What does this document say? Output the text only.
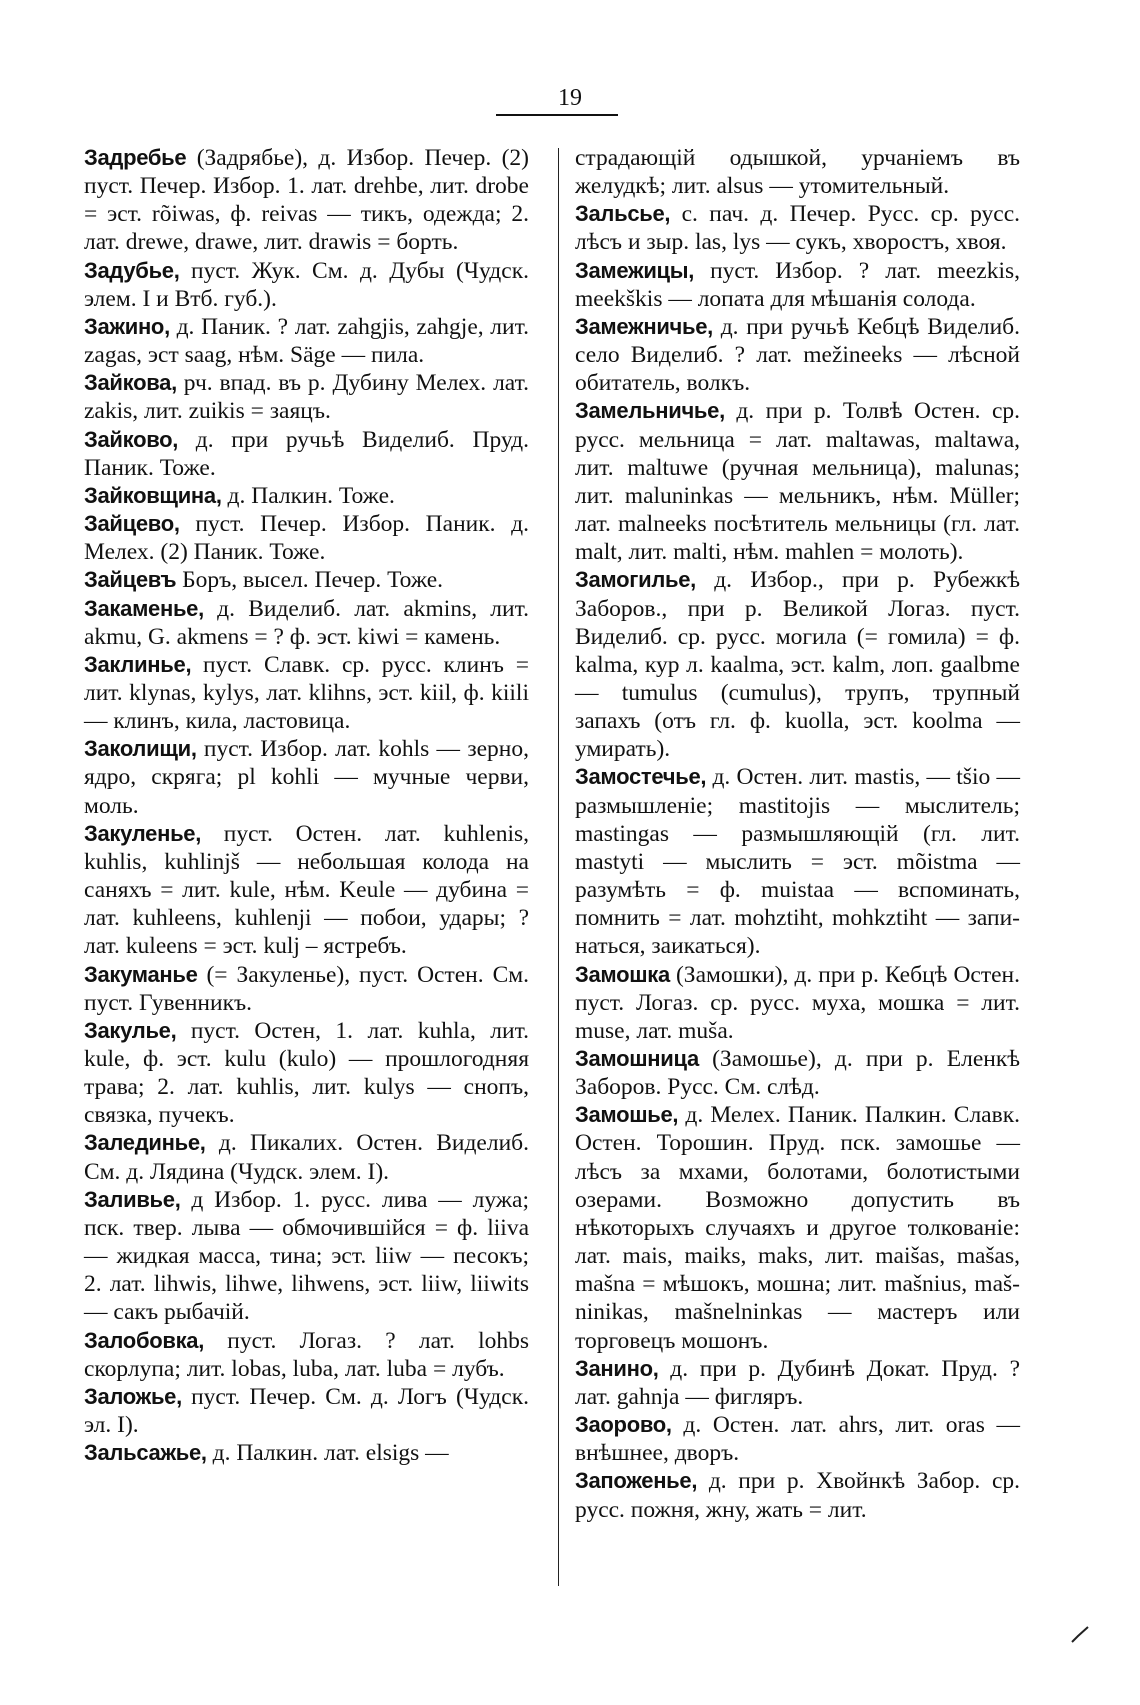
19

Задребье (Задрябье), д. Избор. Печер. (2) пуст. Печер. Избор. 1. лат. drehbe, лит. drobe = эст. rõiwas, ф. reivas — тикъ, одежда; 2. лат. drewe, drawe, лит. drawis = борть.

Задубье, пуст. Жук. См. д. Дубы (Чудск. элем. I и Втб. губ.).

Зажино, д. Паник. ? лат. zahgjis, zahgje, лит. zagas, эст saag, нѣм. Säge — пила.

Зайкова, рч. впад. въ р. Дубину Мелех. лат. zakis, лит. zuikis = заяцъ.

Зайково, д. при ручьѣ Виделиб. Пруд. Паник. Тоже.

Зайковщина, д. Палкин. Тоже.

Зайцево, пуст. Печер. Избор. Паник. д. Мелех. (2) Паник. Тоже.

Зайцевъ Боръ, высел. Печер. Тоже.

Закаменье, д. Виделиб. лат. akmins, лит. akmu, G. akmens = ? ф. эст. kiwi = камень.

Заклинье, пуст. Славк. ср. русс. клинъ = лит. klynas, kylys, лат. klihns, эст. kiil, ф. kiili — клинъ, кила, ластовица.

Заколищи, пуст. Избор. лат. kohls — зерно, ядро, скряга; pl kohli — мучные черви, моль.

Закуленье, пуст. Остен. лат. kuhlenis, kuhlis, kuhlinjš — небольшая колода на саняхъ = лит. kule, нѣм. Keule — дубина = лат. kuhleens, kuhlenji — побои, удары; ? лат. kuleens = эст. kulj – ястребъ.

Закуманье (= Закуленье), пуст. Остен. См. пуст. Гувенникъ.

Закулье, пуст. Остен, 1. лат. kuhla, лит. kule, ф. эст. kulu (kulo) — прошлогодняя трава; 2. лат. kuhlis, лит. kulys — снопъ, связка, пучекъ.

Залединье, д. Пикалих. Остен. Виделиб. См. д. Лядина (Чудск. элем. I).

Заливье, д Избор. 1. русс. лива — лужа; пск. твер. лыва — обмочившійся = ф. liiva — жидкая масса, тина; эст. liiw — песокъ; 2. лат. lihwis, lihwe, lihwens, эст. liiw, liiwits — сакъ рыбачій.

Залобовка, пуст. Логаз. ? лат. lohbs скорлупа; лит. lobas, luba, лат. luba = лубъ.

Заложье, пуст. Печер. См. д. Логъ (Чудск. эл. I).

Зальсажье, д. Палкин. лат. elsigs —

страдающій одышкой, урчаніемъ въ желудкѣ; лит. alsus — утомительный.

Зальсье, с. пач. д. Печер. Русс. ср. русс. лѣсъ и зыр. las, lys — сукъ, хворостъ, хвоя.

Замежицы, пуст. Избор. ? лат. meezkis, meekškis — лопата для мѣшанія солода.

Замежничье, д. при ручьѣ Кебцѣ Виделиб. село Виделиб. ? лат. mežineeks — лѣсной обитатель, волкъ.

Замельничье, д. при р. Толвѣ Остен. ср. русс. мельница = лат. maltawas, maltawa, лит. maltuwe (ручная мельница), malunas; лит. maluninkas — мельникъ, нѣм. Müller; лат. malneeks посѣтитель мельницы (гл. лат. malt, лит. malti, нѣм. mahlen = молоть).

Замогилье, д. Избор., при р. Рубежкѣ Заборов., при р. Великой Логаз. пуст. Виделиб. ср. русс. могила (= гомила) = ф. kalma, кур л. kaalma, эст. kalm, лоп. gaalbme — tumulus (cumulus), трупъ, трупный запахъ (отъ гл. ф. kuolla, эст. koolma — умирать).

Замостечье, д. Остен. лит. mastis, — tšio — размышленіе; mastitojis — мыслитель; mastingas — размышляющій (гл. лит. mastyti — мыслить = эст. mõistma — разумѣть = ф. muistaa — вспоминать, помнить = лат. mohztiht, mohkztiht — запинаться, заикаться).

Замошка (Замошки), д. при р. Кебцѣ Остен. пуст. Логаз. ср. русс. муха, мошка = лит. muse, лат. muša.

Замошница (Замошье), д. при р. Еленкѣ Заборов. Русс. См. слѣд.

Замошье, д. Мелех. Паник. Палкин. Славк. Остен. Торошин. Пруд. пск. замошье — лѣсъ за мхами, болотами, болотистыми озерами. Возможно допустить въ нѣкоторыхъ случаяхъ и другое толкованіе: лат. mais, maiks, maks, лит. maišas, mašas, mašna = мѣшокъ, мошна; лит. mašnius, mašninikas, mašnelninkas — мастеръ или торговецъ мошонъ.

Занино, д. при р. Дубинѣ Докат. Пруд. ? лат. gahnja — фигляръ.

Заорово, д. Остен. лат. ahrs, лит. oras — внѣшнее, дворъ.

Запоженье, д. при р. Хвойнкѣ Забор. ср. русс. пожня, жну, жать = лит.
